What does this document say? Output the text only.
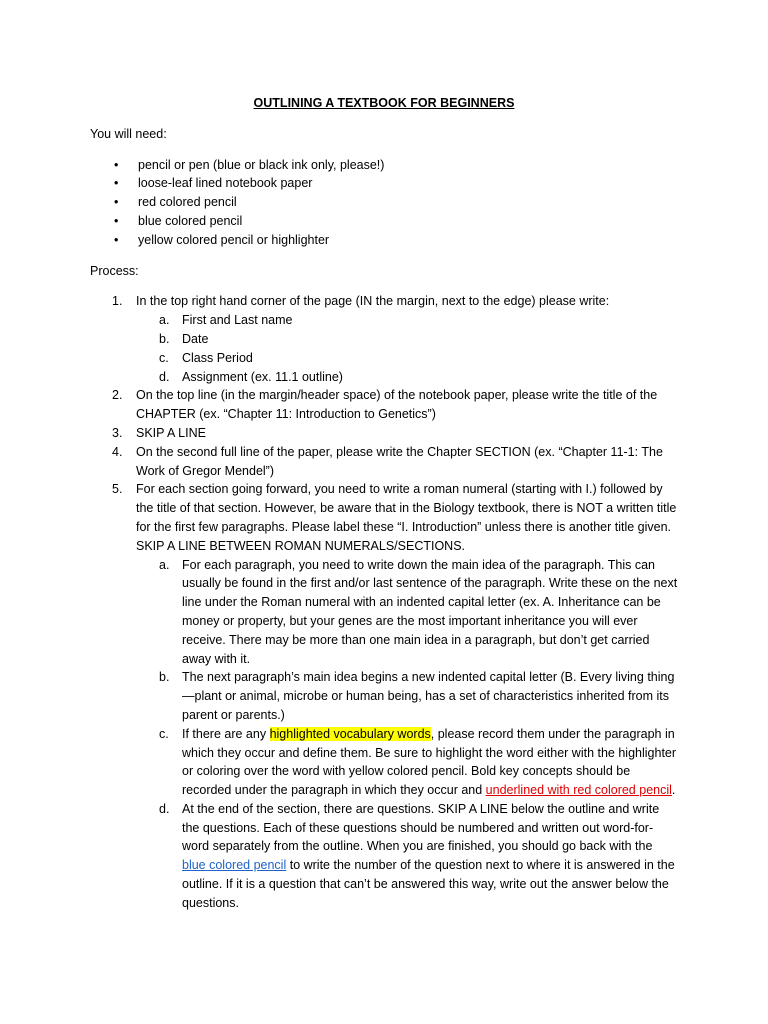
OUTLINING A TEXTBOOK FOR BEGINNERS
You will need:
• pencil or pen (blue or black ink only, please!)
• loose-leaf lined notebook paper
• red colored pencil
• blue colored pencil
• yellow colored pencil or highlighter
Process:
1. In the top right hand corner of the page (IN the margin, next to the edge) please write:
a. First and Last name
b. Date
c. Class Period
d. Assignment (ex. 11.1 outline)
2. On the top line (in the margin/header space) of the notebook paper, please write the title of the CHAPTER (ex. “Chapter 11: Introduction to Genetics”)
3. SKIP A LINE
4. On the second full line of the paper, please write the Chapter SECTION (ex. “Chapter 11-1: The Work of Gregor Mendel”)
5. For each section going forward, you need to write a roman numeral (starting with I.) followed by the title of that section. However, be aware that in the Biology textbook, there is NOT a written title for the first few paragraphs. Please label these “I. Introduction” unless there is another title given. SKIP A LINE BETWEEN ROMAN NUMERALS/SECTIONS.
a. For each paragraph, you need to write down the main idea of the paragraph. This can usually be found in the first and/or last sentence of the paragraph. Write these on the next line under the Roman numeral with an indented capital letter (ex. A. Inheritance can be money or property, but your genes are the most important inheritance you will ever receive. There may be more than one main idea in a paragraph, but don’t get carried away with it.
b. The next paragraph’s main idea begins a new indented capital letter (B. Every living thing—plant or animal, microbe or human being, has a set of characteristics inherited from its parent or parents.)
c. If there are any highlighted vocabulary words, please record them under the paragraph in which they occur and define them. Be sure to highlight the word either with the highlighter or coloring over the word with yellow colored pencil. Bold key concepts should be recorded under the paragraph in which they occur and underlined with red colored pencil.
d. At the end of the section, there are questions. SKIP A LINE below the outline and write the questions. Each of these questions should be numbered and written out word-for-word separately from the outline. When you are finished, you should go back with the blue colored pencil to write the number of the question next to where it is answered in the outline. If it is a question that can’t be answered this way, write out the answer below the questions.
